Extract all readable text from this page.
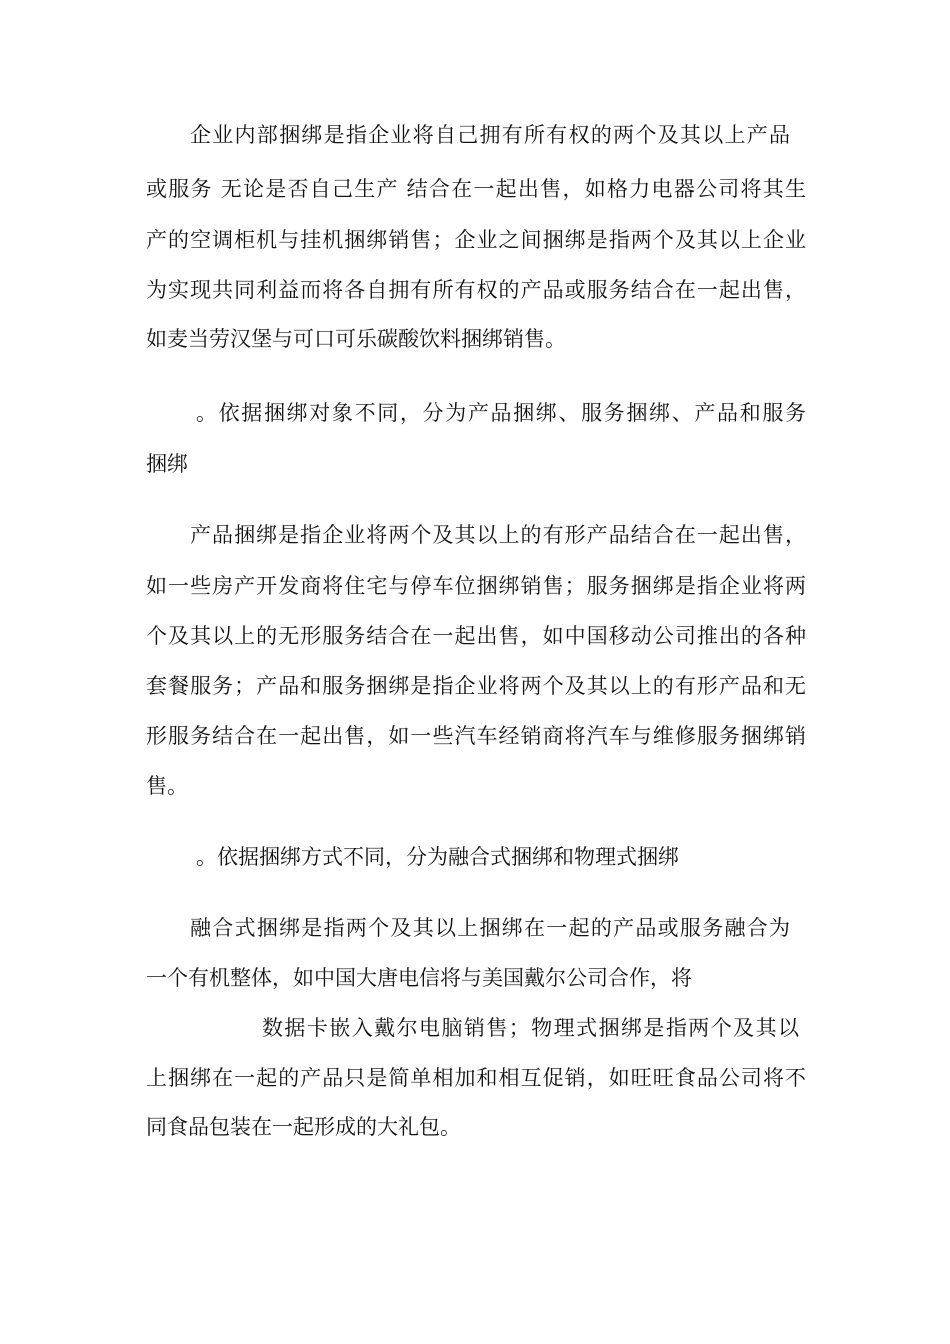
企业内部捆绑是指企业将自己拥有所有权的两个及其以上产品

或服务 无论是否自己生产 结合在一起出售，如格力电器公司将其生

产的空调柜机与挂机捆绑销售；企业之间捆绑是指两个及其以上企业

为实现共同利益而将各自拥有所有权的产品或服务结合在一起出售，

如麦当劳汉堡与可口可乐碳酸饮料捆绑销售。

。依据捆绑对象不同，分为产品捆绑、服务捆绑、产品和服务

捆绑

产品捆绑是指企业将两个及其以上的有形产品结合在一起出售，

如一些房产开发商将住宅与停车位捆绑销售；服务捆绑是指企业将两

个及其以上的无形服务结合在一起出售，如中国移动公司推出的各种

套餐服务；产品和服务捆绑是指企业将两个及其以上的有形产品和无

形服务结合在一起出售，如一些汽车经销商将汽车与维修服务捆绑销

售。

。依据捆绑方式不同，分为融合式捆绑和物理式捆绑

融合式捆绑是指两个及其以上捆绑在一起的产品或服务融合为

一个有机整体，如中国大唐电信将与美国戴尔公司合作，将

数据卡嵌入戴尔电脑销售；物理式捆绑是指两个及其以

上捆绑在一起的产品只是简单相加和相互促销，如旺旺食品公司将不

同食品包装在一起形成的大礼包。
